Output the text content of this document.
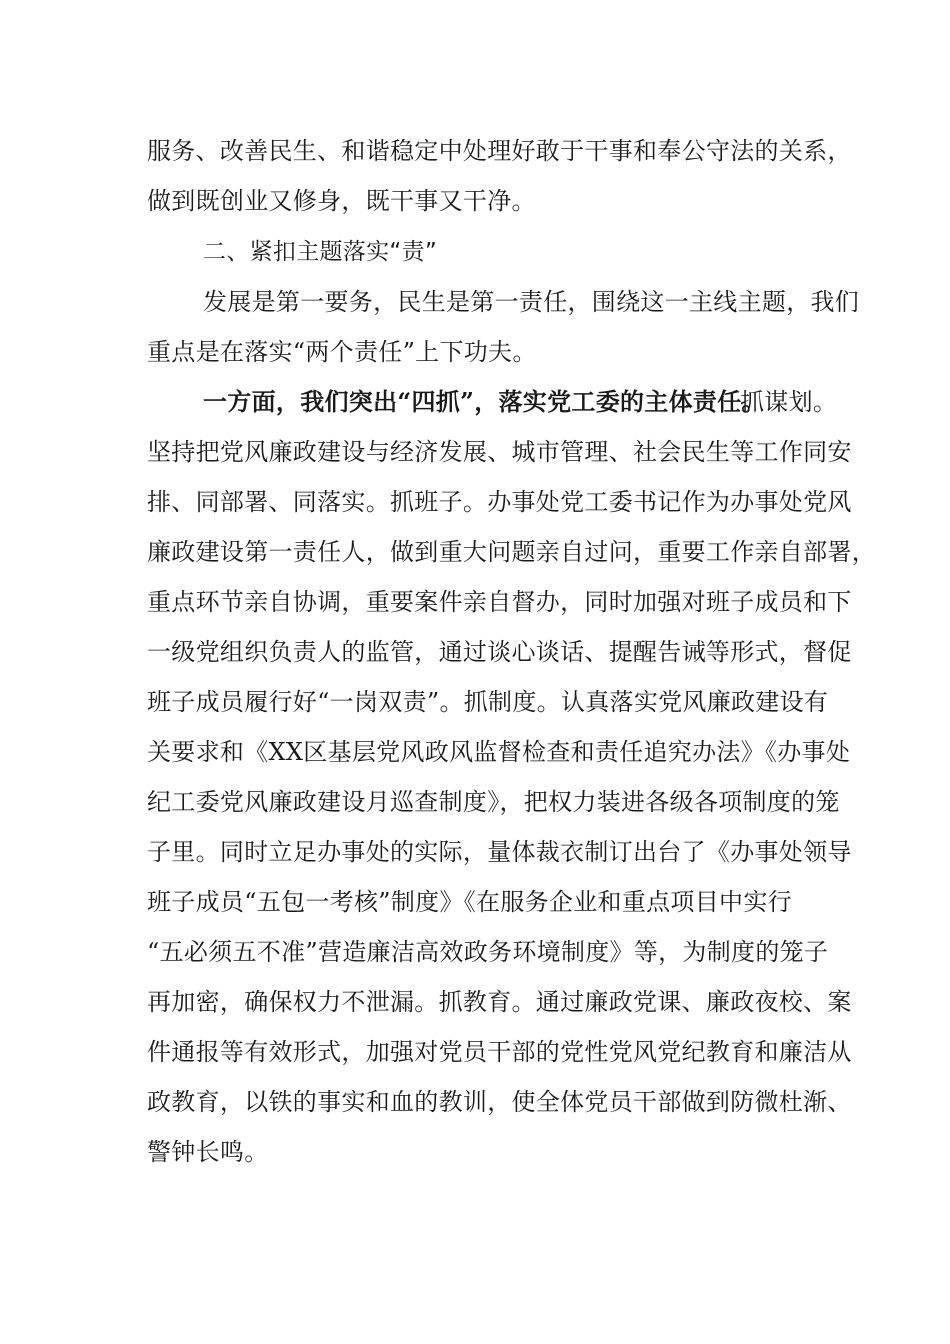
服务、改善民生、和谐稳定中处理好敢于干事和奉公守法的关系，

做到既创业又修身，既干事又干净。

二、紧扣主题落实“责”

发展是第一要务，民生是第一责任，围绕这一主线主题，我们

重点是在落实“两个责任”上下功夫。

一方面，我们突出“四抓”，落实党工委的主体责任。

抓谋划。

坚持把党风廉政建设与经济发展、城市管理、社会民生等工作同安

排、同部署、同落实。抓班子。办事处党工委书记作为办事处党风

廉政建设第一责任人，做到重大问题亲自过问，重要工作亲自部署，

重点环节亲自协调，重要案件亲自督办，同时加强对班子成员和下

一级党组织负责人的监管，通过谈心谈话、提醒告诫等形式，督促

班子成员履行好“一岗双责”。抓制度。认真落实党风廉政建设有

关要求和《XX区基层党风政风监督检查和责任追究办法》《办事处

纪工委党风廉政建设月巡查制度》，把权力装进各级各项制度的笼

子里。同时立足办事处的实际，量体裁衣制订出台了《办事处领导

班子成员“五包一考核”制度》《在服务企业和重点项目中实行

“五必须五不准”营造廉洁高效政务环境制度》等，为制度的笼子

再加密，确保权力不泄漏。抓教育。通过廉政党课、廉政夜校、案

件通报等有效形式，加强对党员干部的党性党风党纪教育和廉洁从

政教育，以铁的事实和血的教训，使全体党员干部做到防微杜渐、

警钟长鸣。
